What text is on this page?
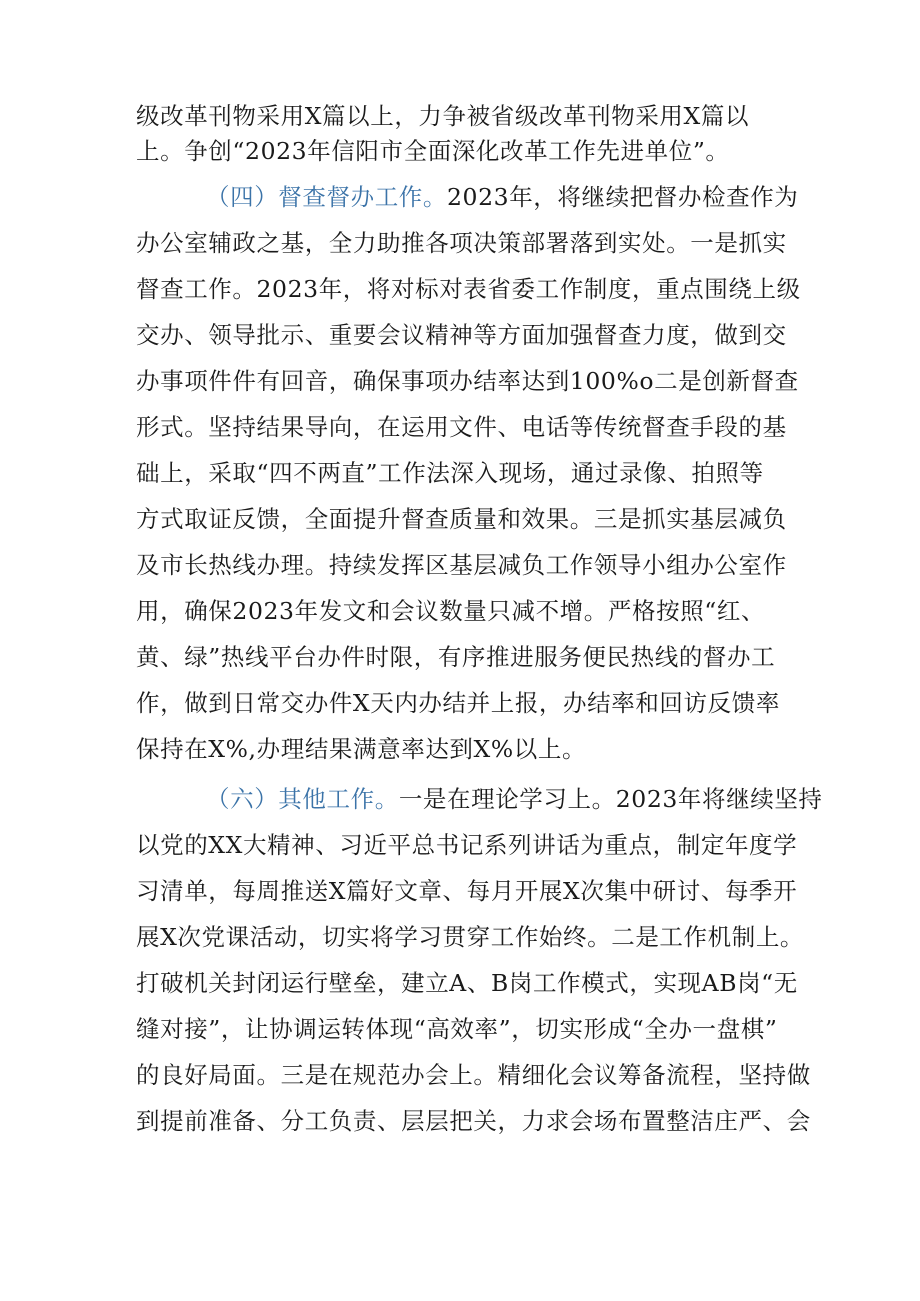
级改革刊物采用X篇以上，力争被省级改革刊物采用X篇以
上。争创“2023年信阳市全面深化改革工作先进单位”。
（四）督查督办工作。2023年，将继续把督办检查作为
办公室辅政之基，全力助推各项决策部署落到实处。一是抓实
督查工作。2023年，将对标对表省委工作制度，重点围绕上级
交办、领导批示、重要会议精神等方面加强督查力度，做到交
办事项件件有回音，确保事项办结率达到100%o二是创新督查
形式。坚持结果导向，在运用文件、电话等传统督查手段的基
础上，采取“四不两直”工作法深入现场，通过录像、拍照等
方式取证反馈，全面提升督查质量和效果。三是抓实基层减负
及市长热线办理。持续发挥区基层减负工作领导小组办公室作
用，确保2023年发文和会议数量只减不增。严格按照“红、
黄、绿”热线平台办件时限，有序推进服务便民热线的督办工
作，做到日常交办件X天内办结并上报，办结率和回访反馈率
保持在X%,办理结果满意率达到X%以上。
（六）其他工作。一是在理论学习上。2023年将继续坚持
以党的XX大精神、习近平总书记系列讲话为重点，制定年度学
习清单，每周推送X篇好文章、每月开展X次集中研讨、每季开
展X次党课活动，切实将学习贯穿工作始终。二是工作机制上。
打破机关封闭运行壁垒，建立A、B岗工作模式，实现AB岗“无
缝对接”，让协调运转体现“高效率”，切实形成“全办一盘棋”
的良好局面。三是在规范办会上。精细化会议筹备流程，坚持做
到提前准备、分工负责、层层把关，力求会场布置整洁庄严、会
